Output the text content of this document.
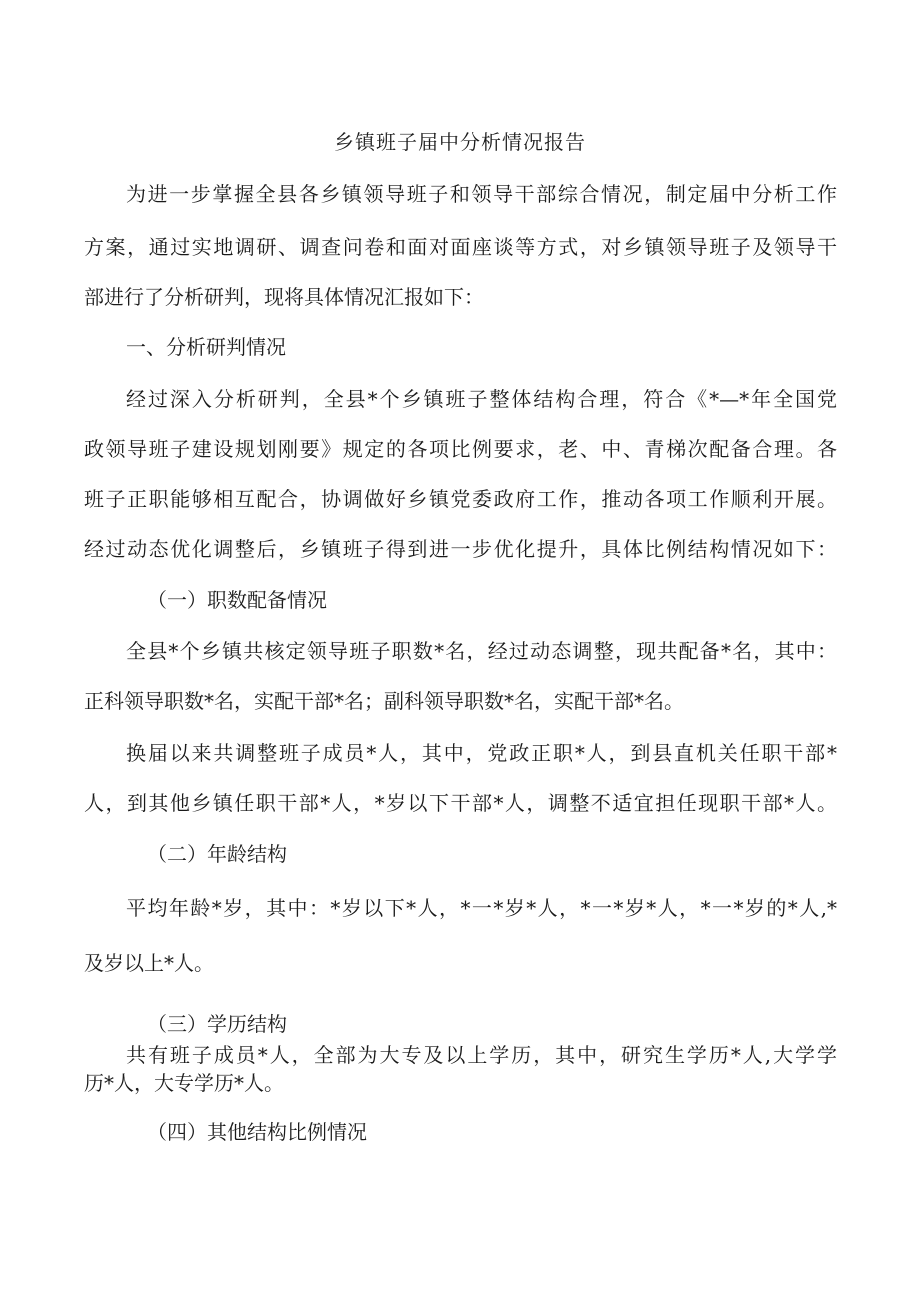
乡镇班子届中分析情况报告
为进一步掌握全县各乡镇领导班子和领导干部综合情况，制定届中分析工作
方案，通过实地调研、调查问卷和面对面座谈等方式，对乡镇领导班子及领导干
部进行了分析研判，现将具体情况汇报如下：
一、分析研判情况
经过深入分析研判，全县*个乡镇班子整体结构合理，符合《*—*年全国党
政领导班子建设规划刚要》规定的各项比例要求，老、中、青梯次配备合理。各
班子正职能够相互配合，协调做好乡镇党委政府工作，推动各项工作顺利开展。
经过动态优化调整后，乡镇班子得到进一步优化提升，具体比例结构情况如下：
（一）职数配备情况
全县*个乡镇共核定领导班子职数*名，经过动态调整，现共配备*名，其中：
正科领导职数*名，实配干部*名；副科领导职数*名，实配干部*名。
换届以来共调整班子成员*人，其中，党政正职*人，到县直机关任职干部*
人，到其他乡镇任职干部*人，*岁以下干部*人，调整不适宜担任现职干部*人。
（二）年龄结构
平均年龄*岁，其中：*岁以下*人，*一*岁*人，*一*岁*人，*一*岁的*人,*
及岁以上*人。
（三）学历结构
共有班子成员*人，全部为大专及以上学历，其中，研究生学历*人,大学学
历*人，大专学历*人。
（四）其他结构比例情况
